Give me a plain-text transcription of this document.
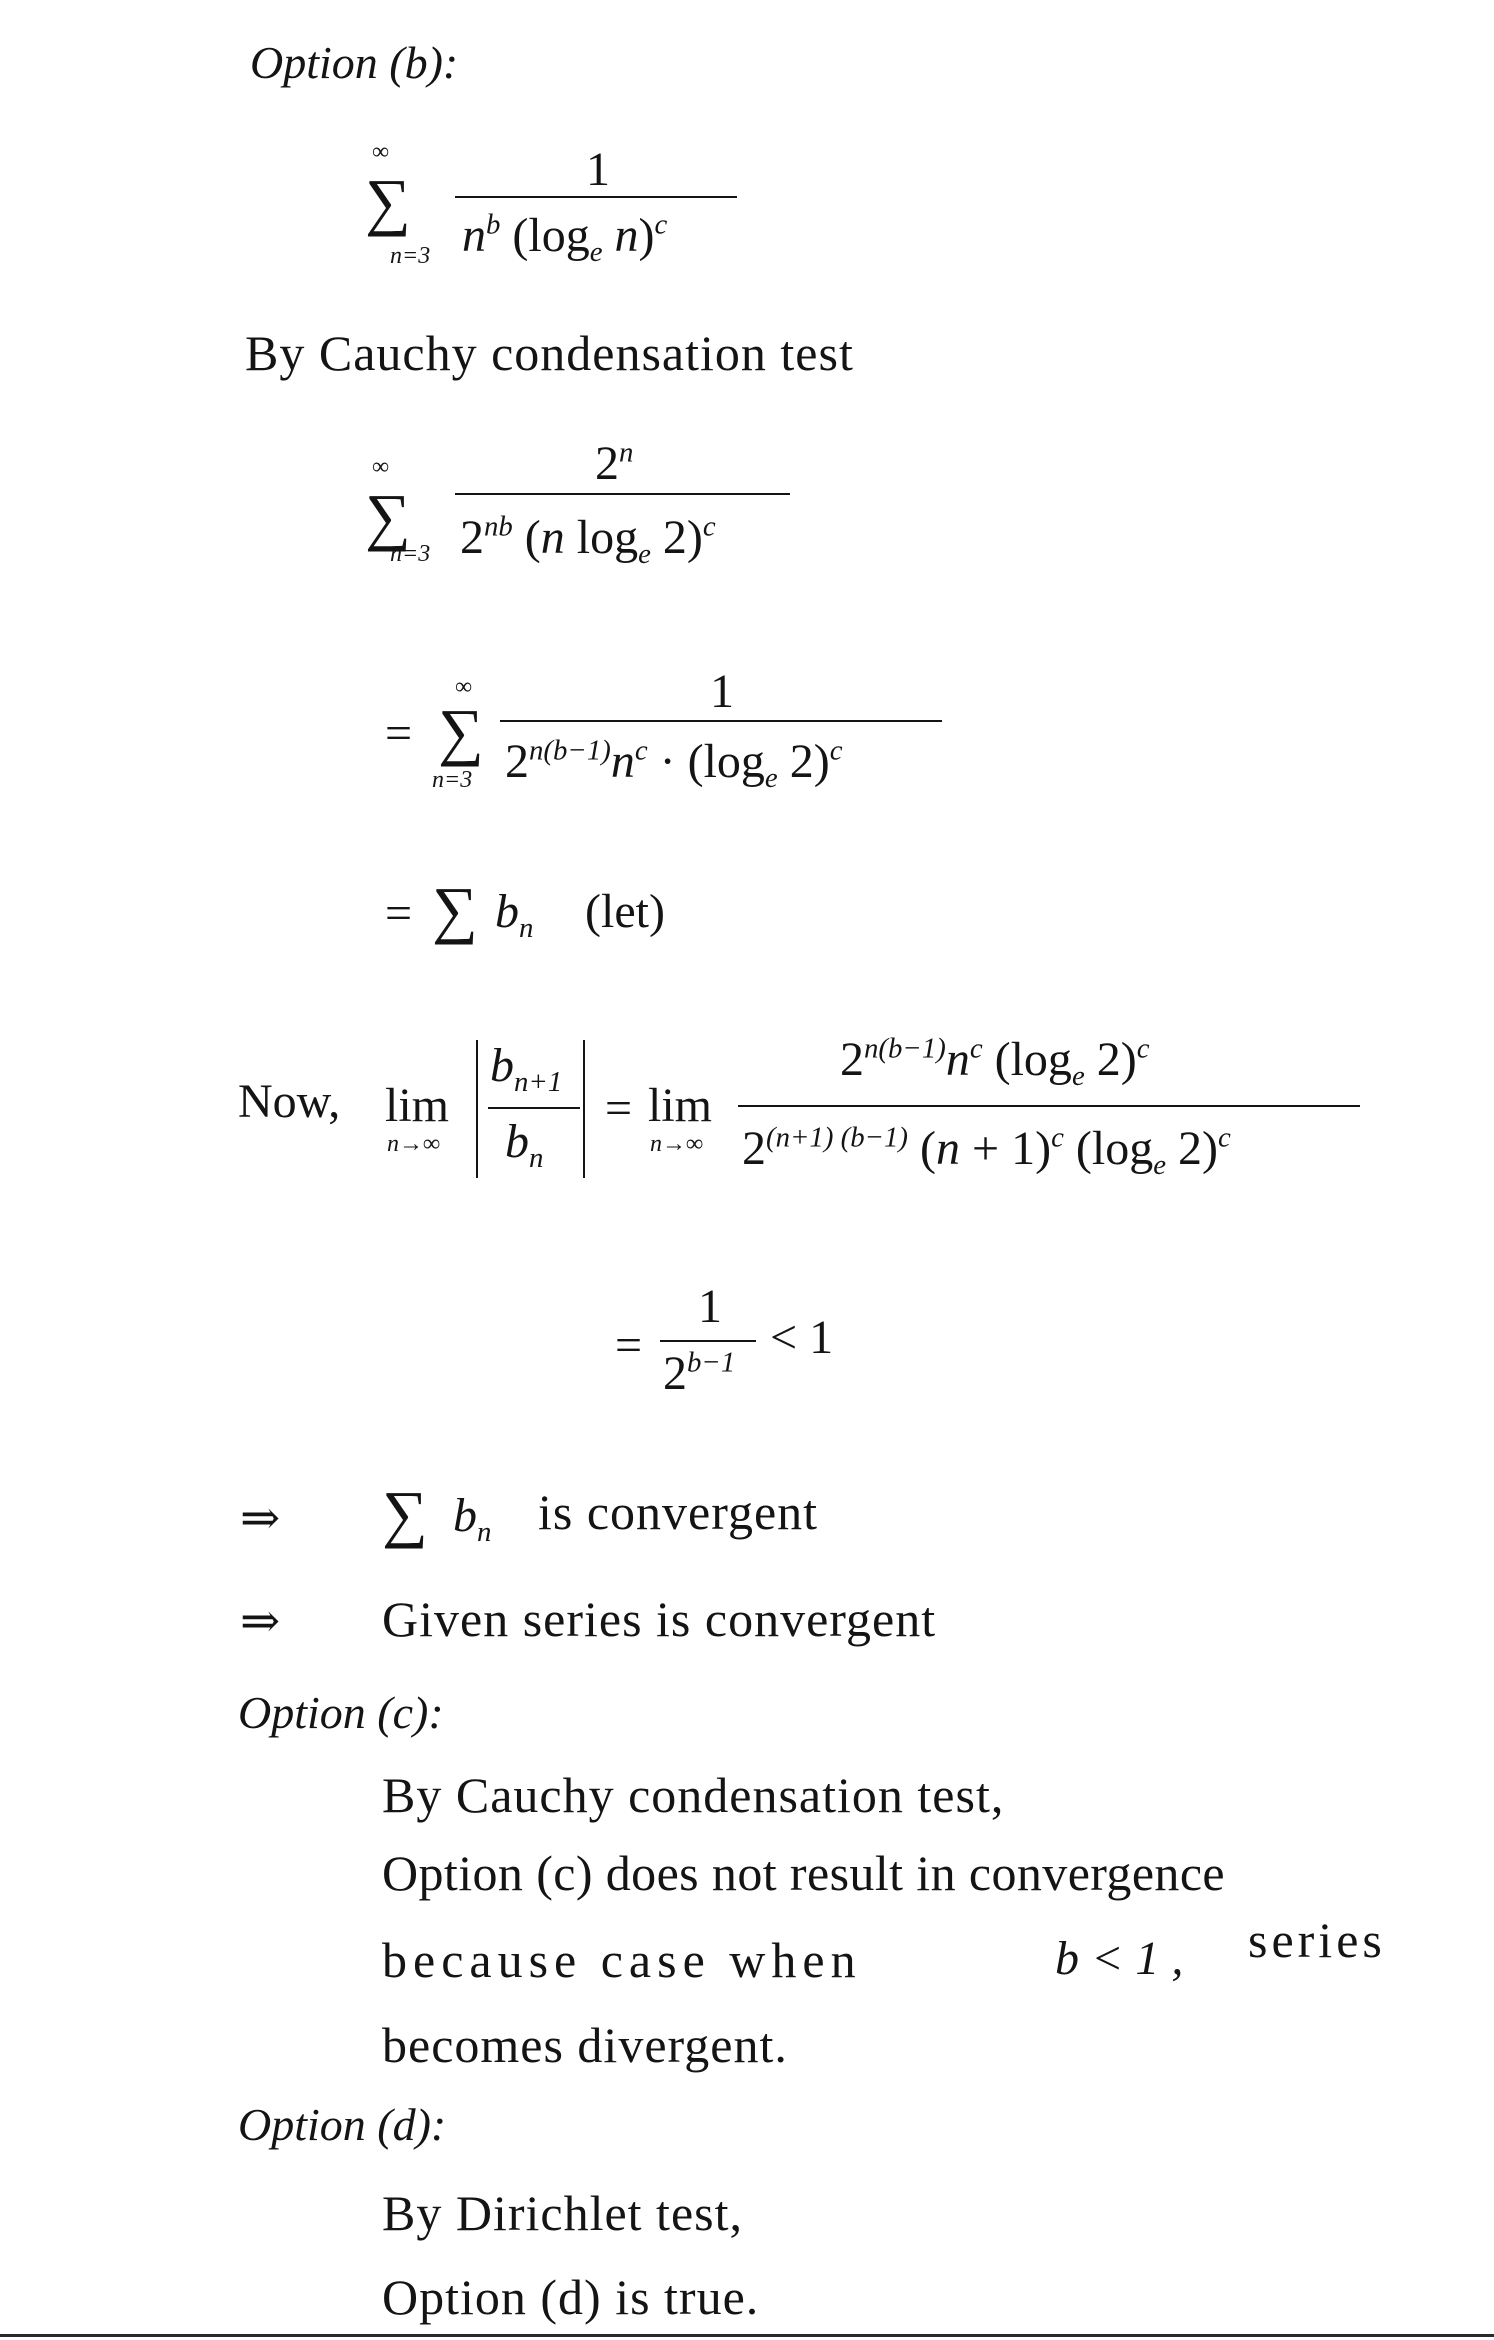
Option (b):
∞
∑
n=3
1
$n^b$ ($\log_e$ n)$^c$
By Cauchy condensation test
∞
∑
n=3
2$^n$
$2^{nb}$ (n $\log_e 2)^c$
=
∞
∑
n=3
1
$2^{n(b-1)}n^c \cdot (\log_e$ 2)$^c$
= ∑ $b_n$ (let)
Now, lim
n→∞
$b_{n+1}$
$b_n$
= lim
n→∞
$2^{n(b-1)}n^c$ ($\log_e$ 2)$^c$
$2^{(n+1) (b-1)}$ $(n + 1)^c$ ($\log_e$ 2)$^c$
=
1
$2^{b-1} < 1$
⇒ ∑ $b_n$ is convergent
⇒ Given series is convergent
Option (c):
By Cauchy condensation test,
Option (c) does not result in convergence
because case when	b < 1 , series
becomes divergent.
Option (d):
By Dirichlet test,
Option (d) is true.
